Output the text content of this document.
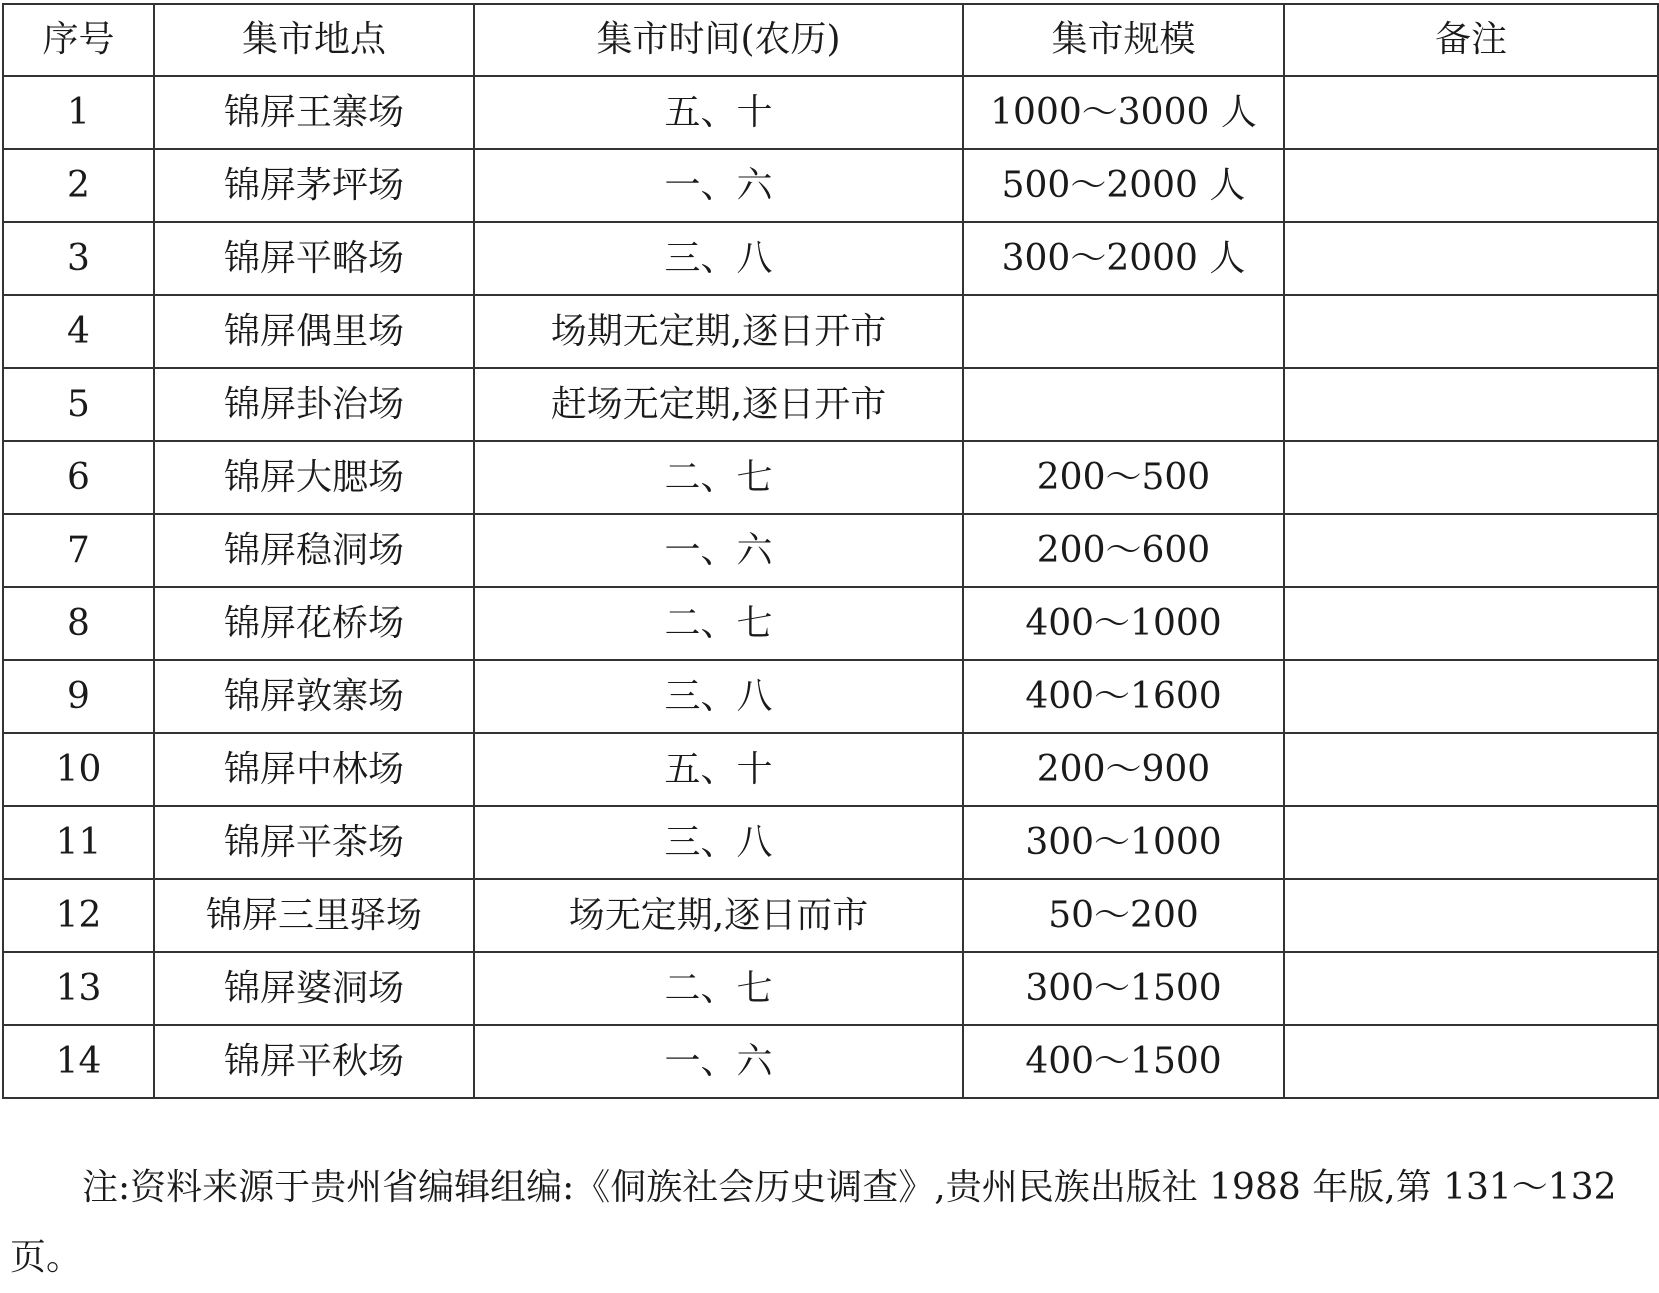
序号	集市地点	集市时间(农历)	集市规模	备注
1	锦屏王寨场	五、十	1000～3000 人	
2	锦屏茅坪场	一、六	500～2000 人	
3	锦屏平略场	三、八	300～2000 人	
4	锦屏偶里场	场期无定期,逐日开市		
5	锦屏卦治场	赶场无定期,逐日开市		
6	锦屏大腮场	二、七	200～500	
7	锦屏稳洞场	一、六	200～600	
8	锦屏花桥场	二、七	400～1000	
9	锦屏敦寨场	三、八	400～1600	
10	锦屏中林场	五、十	200～900	
11	锦屏平茶场	三、八	300～1000	
12	锦屏三里驿场	场无定期,逐日而市	50～200	
13	锦屏婆洞场	二、七	300～1500	
14	锦屏平秋场	一、六	400～1500	
注:资料来源于贵州省编辑组编:《侗族社会历史调查》,贵州民族出版社 1988 年版,第 131～132
页。
